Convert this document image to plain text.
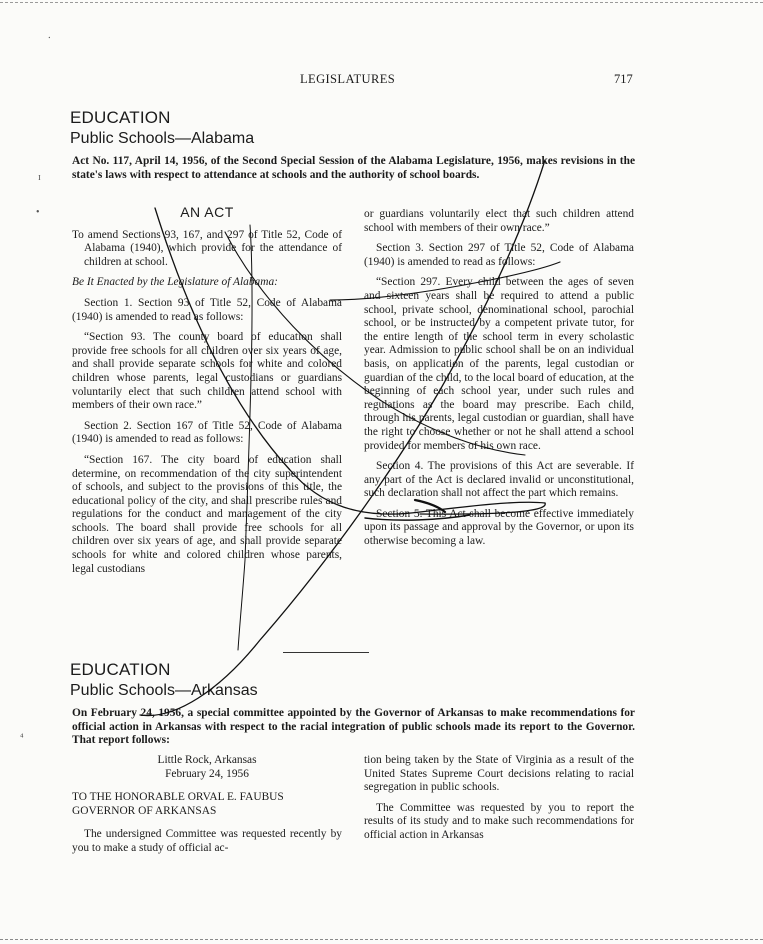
⸱
ɪ
•
⁴
LEGISLATURES	717
EDUCATION
Public Schools—Alabama
Act No. 117, April 14, 1956, of the Second Special Session of the Alabama Legislature, 1956, makes revisions in the state's laws with respect to attendance at schools and the authority of school boards.
AN ACT

To amend Sections 93, 167, and 297 of Title 52, Code of Alabama (1940), which provide for the attendance of children at school.

Be It Enacted by the Legislature of Alabama:

Section 1. Section 93 of Title 52, Code of Alabama (1940) is amended to read as follows:

“Section 93. The county board of education shall provide free schools for all children over six years of age, and shall provide separate schools for white and colored children whose parents, legal custodians or guardians voluntarily elect that such children attend school with members of their own race.”

Section 2. Section 167 of Title 52, Code of Alabama (1940) is amended to read as follows:

“Section 167. The city board of education shall determine, on recommendation of the city superintendent of schools, and subject to the provisions of this title, the educational policy of the city, and shall prescribe rules and regulations for the conduct and management of the city schools. The board shall provide free schools for all children over six years of age, and shall provide separate schools for white and colored children whose parents, legal custodians

or guardians voluntarily elect that such children attend school with members of their own race.”

Section 3. Section 297 of Title 52, Code of Alabama (1940) is amended to read as follows:

“Section 297. Every child between the ages of seven and sixteen years shall be required to attend a public school, private school, denominational school, parochial school, or be instructed by a competent private tutor, for the entire length of the school term in every scholastic year. Admission to public school shall be on an individual basis, on application of the parents, legal custodian or guardian of the child, to the local board of education, at the beginning of each school year, under such rules and regulations as the board may prescribe. Each child, through his parents, legal custodian or guardian, shall have the right to choose whether or not he shall attend a school provided for members of his own race.

Section 4. The provisions of this Act are severable. If any part of the Act is declared invalid or unconstitutional, such declaration shall not affect the part which remains.

Section 5. This Act shall become effective immediately upon its passage and approval by the Governor, or upon its otherwise becoming a law.

EDUCATION
Public Schools—Arkansas
On February 24, 1956, a special committee appointed by the Governor of Arkansas to make recommendations for official action in Arkansas with respect to the racial integration of public schools made its report to the Governor. That report follows:

Little Rock, Arkansas

February 24, 1956

TO THE HONORABLE ORVAL E. FAUBUS

GOVERNOR OF ARKANSAS

The undersigned Committee was requested recently by you to make a study of official ac-

tion being taken by the State of Virginia as a result of the United States Supreme Court decisions relating to racial segregation in public schools.

The Committee was requested by you to report the results of its study and to make such recommendations for official action in Arkansas
